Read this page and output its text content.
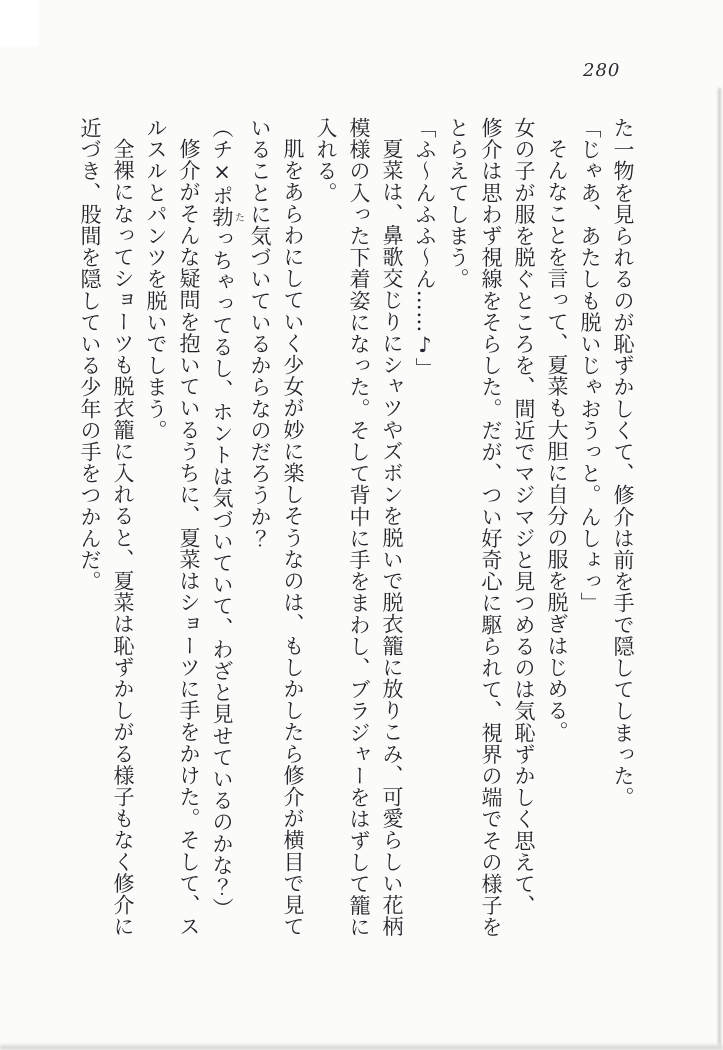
280
た一物を見られるのが恥ずかしくて、修介は前を手で隠してしまった。
「じゃあ、あたしも脱いじゃおうっと。んしょっ」
そんなことを言って、夏菜も大胆に自分の服を脱ぎはじめる。
女の子が服を脱ぐところを、間近でマジマジと見つめるのは気恥ずかしく思えて、
修介は思わず視線をそらした。だが、つい好奇心に駆られて、視界の端でその様子を
とらえてしまう。
「ふ～んふふ～ん……♪」
夏菜は、鼻歌交じりにシャツやズボンを脱いで脱衣籠に放りこみ、可愛らしい花柄
模様の入った下着姿になった。そして背中に手をまわし、ブラジャーをはずして籠に
入れる。
肌をあらわにしていく少女が妙に楽しそうなのは、もしかしたら修介が横目で見て
いることに気づいているからなのだろうか？
（チ×ポ勃たっちゃってるし、ホントは気づいていて、わざと見せているのかな？）
修介がそんな疑問を抱いているうちに、夏菜はショーツに手をかけた。そして、ス
ルスルとパンツを脱いでしまう。
全裸になってショーツも脱衣籠に入れると、夏菜は恥ずかしがる様子もなく修介に
近づき、股間を隠している少年の手をつかんだ。
